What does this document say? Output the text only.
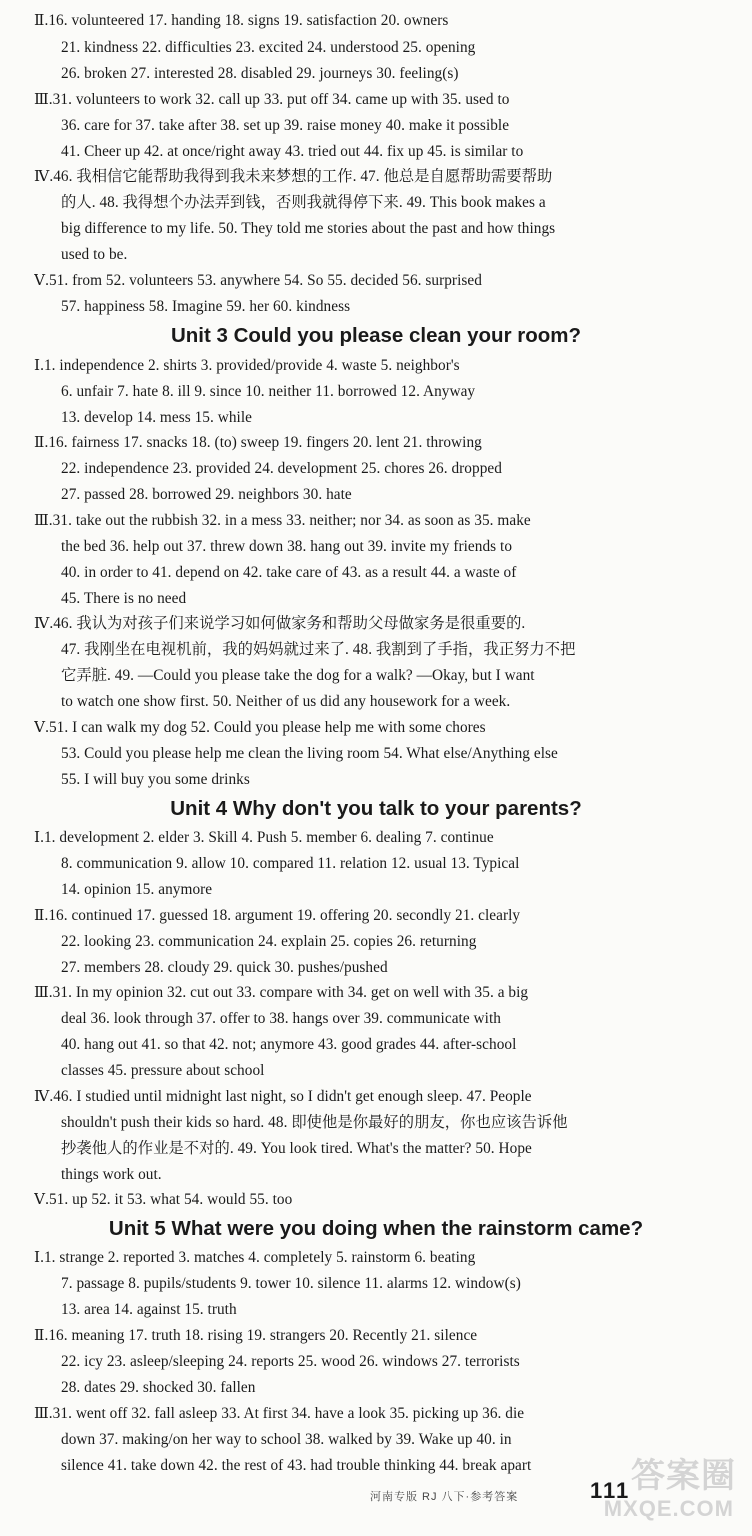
Ⅱ.16. volunteered 17. handing 18. signs 19. satisfaction 20. owners
21. kindness 22. difficulties 23. excited 24. understood 25. opening
26. broken 27. interested 28. disabled 29. journeys 30. feeling(s)
Ⅲ.31. volunteers to work 32. call up 33. put off 34. came up with 35. used to
36. care for 37. take after 38. set up 39. raise money 40. make it possible
41. Cheer up 42. at once/right away 43. tried out 44. fix up 45. is similar to
Ⅳ.46. 我相信它能帮助我得到我未来梦想的工作. 47. 他总是自愿帮助需要帮助
的人. 48. 我得想个办法弄到钱，否则我就得停下来. 49. This book makes a
big difference to my life. 50. They told me stories about the past and how things
used to be.
Ⅴ.51. from 52. volunteers 53. anywhere 54. So 55. decided 56. surprised
57. happiness 58. Imagine 59. her 60. kindness
Unit 3 Could you please clean your room?
Ⅰ.1. independence 2. shirts 3. provided/provide 4. waste 5. neighbor's
6. unfair 7. hate 8. ill 9. since 10. neither 11. borrowed 12. Anyway
13. develop 14. mess 15. while
Ⅱ.16. fairness 17. snacks 18. (to) sweep 19. fingers 20. lent 21. throwing
22. independence 23. provided 24. development 25. chores 26. dropped
27. passed 28. borrowed 29. neighbors 30. hate
Ⅲ.31. take out the rubbish 32. in a mess 33. neither; nor 34. as soon as 35. make
the bed 36. help out 37. threw down 38. hang out 39. invite my friends to
40. in order to 41. depend on 42. take care of 43. as a result 44. a waste of
45. There is no need
Ⅳ.46. 我认为对孩子们来说学习如何做家务和帮助父母做家务是很重要的.
47. 我刚坐在电视机前，我的妈妈就过来了. 48. 我割到了手指，我正努力不把
它弄脏. 49. —Could you please take the dog for a walk? —Okay, but I want
to watch one show first. 50. Neither of us did any housework for a week.
Ⅴ.51. I can walk my dog 52. Could you please help me with some chores
53. Could you please help me clean the living room 54. What else/Anything else
55. I will buy you some drinks
Unit 4 Why don't you talk to your parents?
Ⅰ.1. development 2. elder 3. Skill 4. Push 5. member 6. dealing 7. continue
8. communication 9. allow 10. compared 11. relation 12. usual 13. Typical
14. opinion 15. anymore
Ⅱ.16. continued 17. guessed 18. argument 19. offering 20. secondly 21. clearly
22. looking 23. communication 24. explain 25. copies 26. returning
27. members 28. cloudy 29. quick 30. pushes/pushed
Ⅲ.31. In my opinion 32. cut out 33. compare with 34. get on well with 35. a big
deal 36. look through 37. offer to 38. hangs over 39. communicate with
40. hang out 41. so that 42. not; anymore 43. good grades 44. after-school
classes 45. pressure about school
Ⅳ.46. I studied until midnight last night, so I didn't get enough sleep. 47. People
shouldn't push their kids so hard. 48. 即使他是你最好的朋友，你也应该告诉他
抄袭他人的作业是不对的. 49. You look tired. What's the matter? 50. Hope
things work out.
Ⅴ.51. up 52. it 53. what 54. would 55. too
Unit 5 What were you doing when the rainstorm came?
Ⅰ.1. strange 2. reported 3. matches 4. completely 5. rainstorm 6. beating
7. passage 8. pupils/students 9. tower 10. silence 11. alarms 12. window(s)
13. area 14. against 15. truth
Ⅱ.16. meaning 17. truth 18. rising 19. strangers 20. Recently 21. silence
22. icy 23. asleep/sleeping 24. reports 25. wood 26. windows 27. terrorists
28. dates 29. shocked 30. fallen
Ⅲ.31. went off 32. fall asleep 33. At first 34. have a look 35. picking up 36. die
down 37. making/on her way to school 38. walked by 39. Wake up 40. in
silence 41. take down 42. the rest of 43. had trouble thinking 44. break apart
河南专版 RJ 八下·参考答案	111 答案圈
MXQE.COM
